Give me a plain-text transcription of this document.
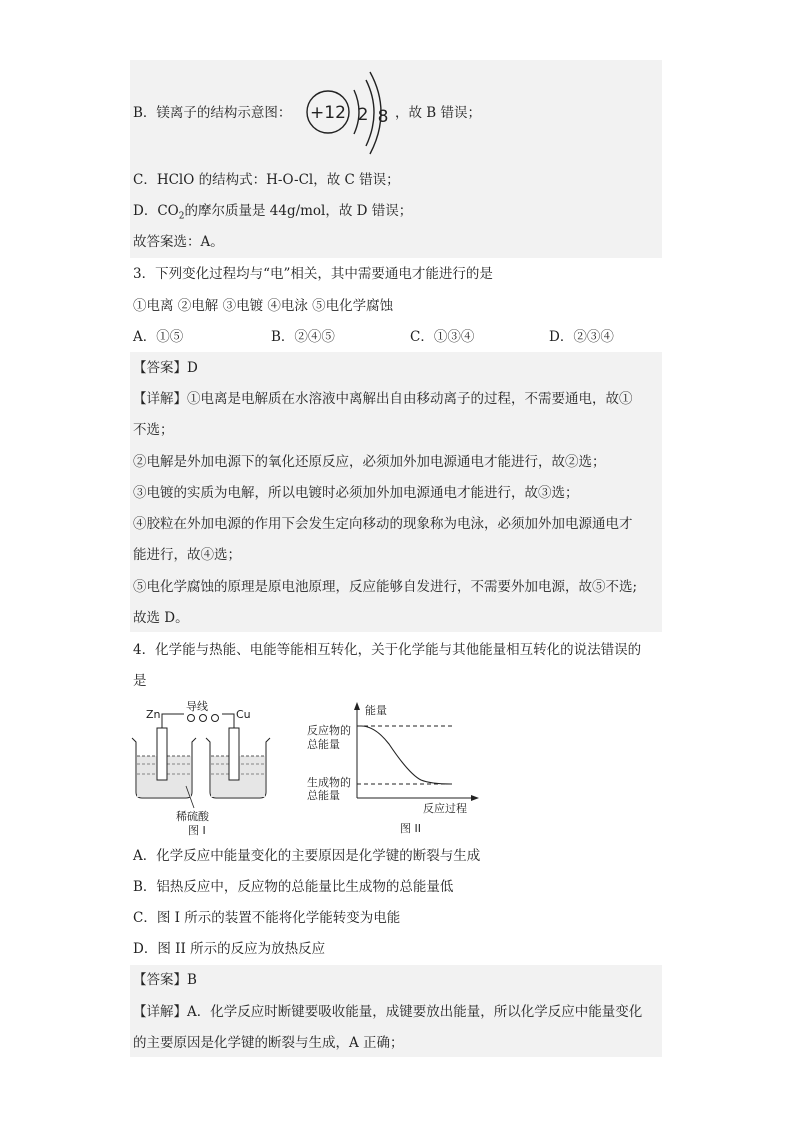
B．镁离子的结构示意图： +12 2 8 ，故 B 错误；
C．HClO 的结构式：H-O-Cl，故 C 错误；
D．$CO_2$的摩尔质量是 44g/mol，故 D 错误；
故答案选：A。
3．下列变化过程均与“电”相关，其中需要通电才能进行的是
①电离 ②电解 ③电镀 ④电泳 ⑤电化学腐蚀
A．①⑤	B．②④⑤	C．①③④	D．②③④
【答案】D
【详解】①电离是电解质在水溶液中离解出自由移动离子的过程，不需要通电，故①
不选；
②电解是外加电源下的氧化还原反应，必须加外加电源通电才能进行，故②选；
③电镀的实质为电解，所以电镀时必须加外加电源通电才能进行，故③选；
④胶粒在外加电源的作用下会发生定向移动的现象称为电泳，必须加外加电源通电才
能进行，故④选；
⑤电化学腐蚀的原理是原电池原理，反应能够自发进行，不需要外加电源，故⑤不选;
故选 D。
4．化学能与热能、电能等能相互转化，关于化学能与其他能量相互转化的说法错误的
是
Zn	Cu
导线
稀硫酸
图 I
能量
反应物的
总能量
生成物的
总能量
反应过程
图 II
A．化学反应中能量变化的主要原因是化学键的断裂与生成
B．铝热反应中，反应物的总能量比生成物的总能量低
C．图 I 所示的装置不能将化学能转变为电能
D．图 II 所示的反应为放热反应
【答案】B
【详解】A．化学反应时断键要吸收能量，成键要放出能量，所以化学反应中能量变化
的主要原因是化学键的断裂与生成，A 正确；
